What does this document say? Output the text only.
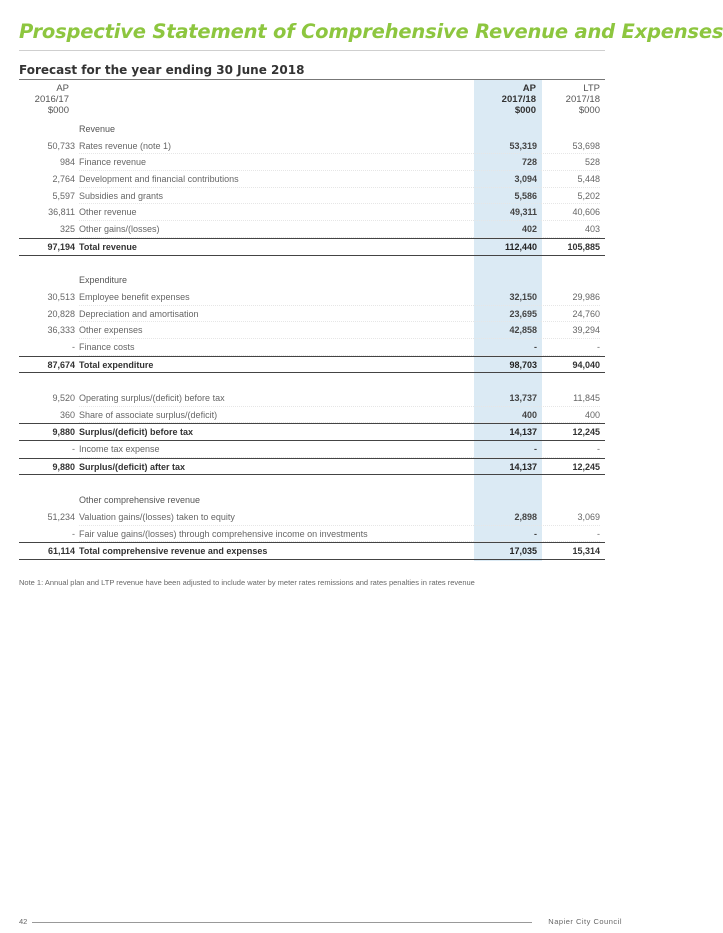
Prospective Statement of Comprehensive Revenue and Expenses
Forecast for the year ending 30 June 2018
AP
2016/17
$000
AP
2017/18
$000
LTP
2017/18
$000
Revenue
50,733 Rates revenue (note 1)	53,319	53,698
984 Finance revenue	728	528
2,764 Development and financial contributions	3,094	5,448
5,597 Subsidies and grants	5,586	5,202
36,811 Other revenue	49,311	40,606
325 Other gains/(losses)	402	403
97,194 Total revenue	112,440	105,885
Expenditure
30,513 Employee benefit expenses	32,150	29,986
20,828 Depreciation and amortisation	23,695	24,760
36,333 Other expenses	42,858	39,294
- Finance costs	-	-
87,674 Total expenditure	98,703	94,040
9,520 Operating surplus/(deficit) before tax	13,737	11,845
360 Share of associate surplus/(deficit)	400	400
9,880 Surplus/(deficit) before tax	14,137	12,245
- Income tax expense	-	-
9,880 Surplus/(deficit) after tax	14,137	12,245
Other comprehensive revenue
51,234 Valuation gains/(losses) taken to equity	2,898	3,069
- Fair value gains/(losses) through comprehensive income on investments	-	-
61,114 Total comprehensive revenue and expenses	17,035	15,314
Note 1: Annual plan and LTP revenue have been adjusted to include water by meter rates remissions and rates penalties in rates revenue
42	Napier City Council
